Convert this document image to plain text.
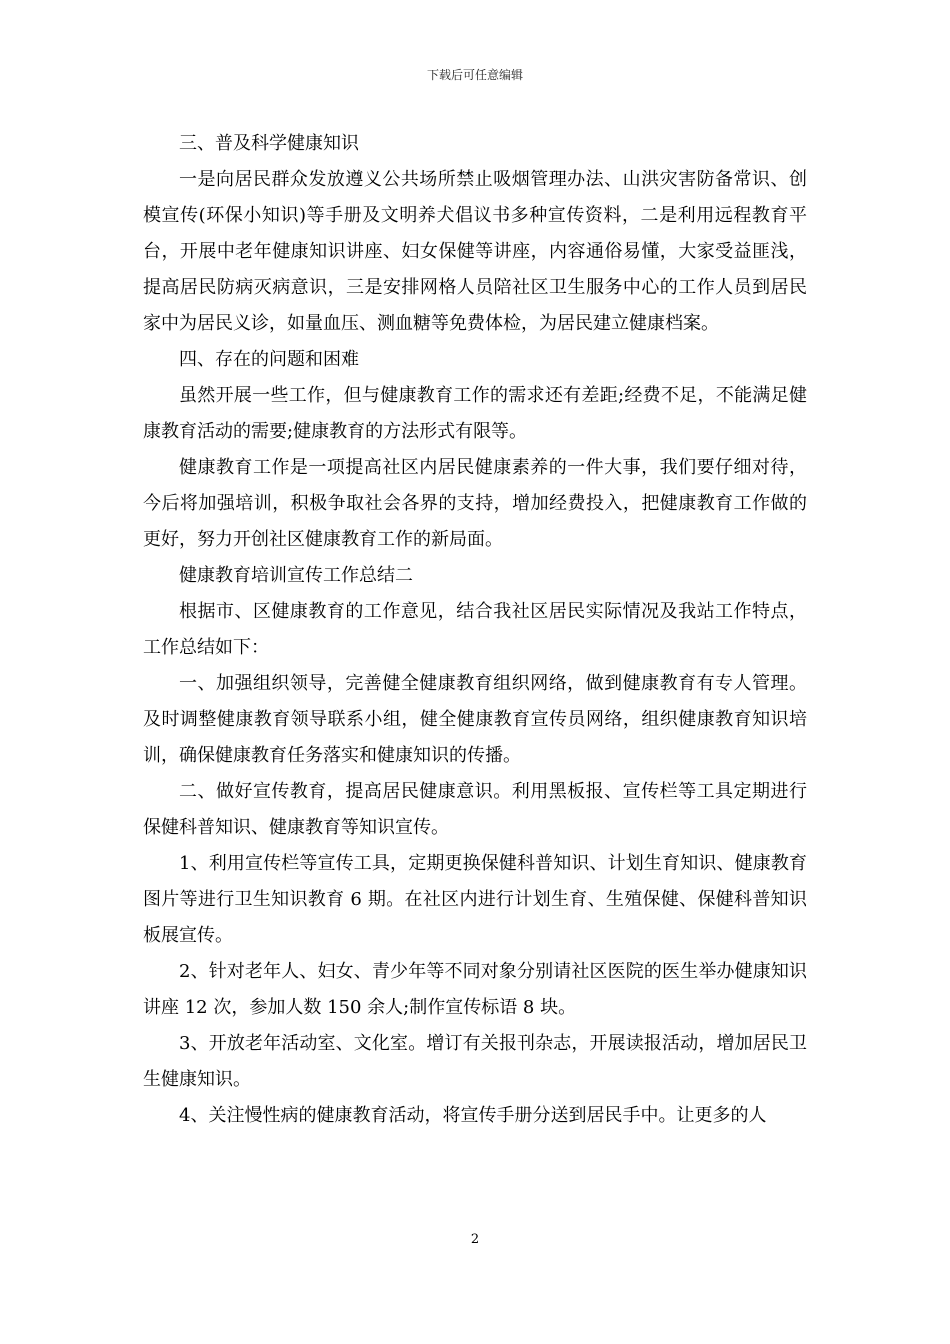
下载后可任意编辑

三、普及科学健康知识

一是向居民群众发放遵义公共场所禁止吸烟管理办法、山洪灾害防备常识、创模宣传(环保小知识)等手册及文明养犬倡议书多种宣传资料，二是利用远程教育平台，开展中老年健康知识讲座、妇女保健等讲座，内容通俗易懂，大家受益匪浅，提高居民防病灭病意识，三是安排网格人员陪社区卫生服务中心的工作人员到居民家中为居民义诊，如量血压、测血糖等免费体检，为居民建立健康档案。

四、存在的问题和困难

虽然开展一些工作，但与健康教育工作的需求还有差距;经费不足，不能满足健康教育活动的需要;健康教育的方法形式有限等。

健康教育工作是一项提高社区内居民健康素养的一件大事，我们要仔细对待，今后将加强培训，积极争取社会各界的支持，增加经费投入，把健康教育工作做的更好，努力开创社区健康教育工作的新局面。

健康教育培训宣传工作总结二

根据市、区健康教育的工作意见，结合我社区居民实际情况及我站工作特点，工作总结如下：

一、加强组织领导，完善健全健康教育组织网络，做到健康教育有专人管理。及时调整健康教育领导联系小组，健全健康教育宣传员网络，组织健康教育知识培训，确保健康教育任务落实和健康知识的传播。

二、做好宣传教育，提高居民健康意识。利用黑板报、宣传栏等工具定期进行保健科普知识、健康教育等知识宣传。

1、利用宣传栏等宣传工具，定期更换保健科普知识、计划生育知识、健康教育图片等进行卫生知识教育 6 期。在社区内进行计划生育、生殖保健、保健科普知识板展宣传。

2、针对老年人、妇女、青少年等不同对象分别请社区医院的医生举办健康知识讲座 12 次，参加人数 150 余人;制作宣传标语 8 块。

3、开放老年活动室、文化室。增订有关报刊杂志，开展读报活动，增加居民卫生健康知识。

4、关注慢性病的健康教育活动，将宣传手册分送到居民手中。让更多的人

2
